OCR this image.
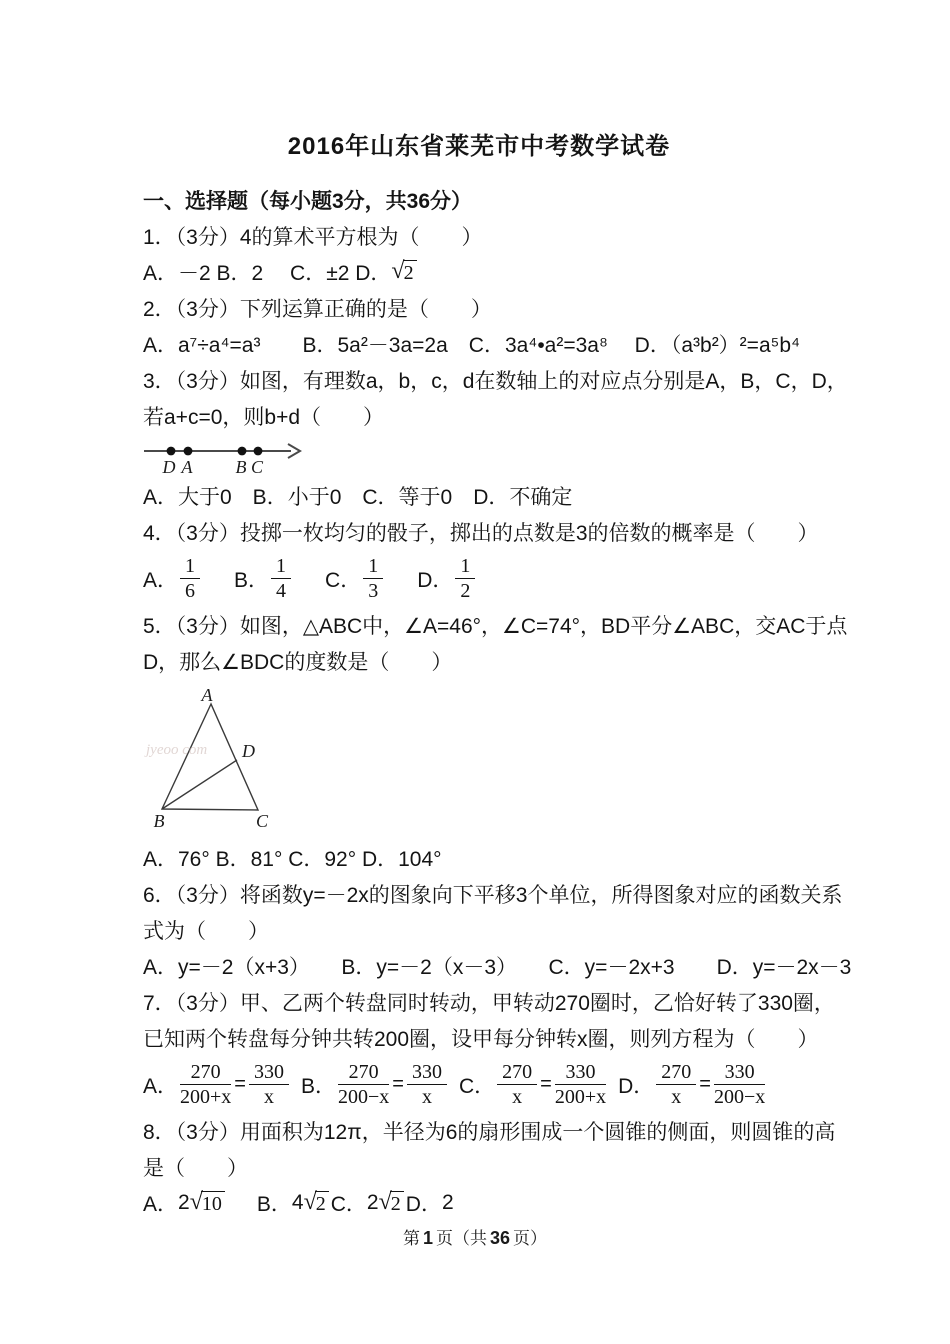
2016年山东省莱芜市中考数学试卷
一、选择题（每小题3分，共36分）
1．（3分）4的算术平方根为（　　）
A．－2 B．2　 C．±2 D． √ 2
2．（3分）下列运算正确的是（　　）
A．a⁷÷a⁴=a³　　B．5a²－3a=2a　C．3a⁴•a²=3a⁸　 D．（a³b²）²=a⁵b⁴
3．（3分）如图，有理数a，b，c，d在数轴上的对应点分别是A，B，C，D，
若a+c=0，则b+d（　　）
D A B C
A．大于0　B．小于0　C．等于0　D．不确定
4．（3分）投掷一枚均匀的骰子，掷出的点数是3的倍数的概率是（　　）
A． $\frac{1}{6}$ B． $\frac{1}{4}$ C． $\frac{1}{3}$ D． $\frac{1}{2}$
5．（3分）如图，△ABC中，∠A=46°，∠C=74°，BD平分∠ABC，交AC于点
D，那么∠BDC的度数是（　　）
A
B	C
D
A．76° B．81° C．92° D．104°
6．（3分）将函数y=－2x的图象向下平移3个单位，所得图象对应的函数关系
式为（　　）
A．y=－2（x+3）　　B．y=－2（x－3）　　C．y=－2x+3　　D．y=－2x－3
7．（3分）甲、乙两个转盘同时转动，甲转动270圈时，乙恰好转了330圈，
已知两个转盘每分钟共转200圈，设甲每分钟转x圈，则列方程为（　　）
A． $\frac{270}{200+x} = \frac{330}{x}$ B． $\frac{270}{200-x} = \frac{330}{x}$ C． $\frac{270}{x} = \frac{330}{200+x}$ D． $\frac{270}{x} = \frac{330}{200-x}$
8．（3分）用面积为12π，半径为6的扇形围成一个圆锥的侧面，则圆锥的高
是（　　）
A． 2 √ 10 B． 4 √ 2 C． 2 √ 2 D． 2
jyeoo com
第 1 页（共 36 页）
